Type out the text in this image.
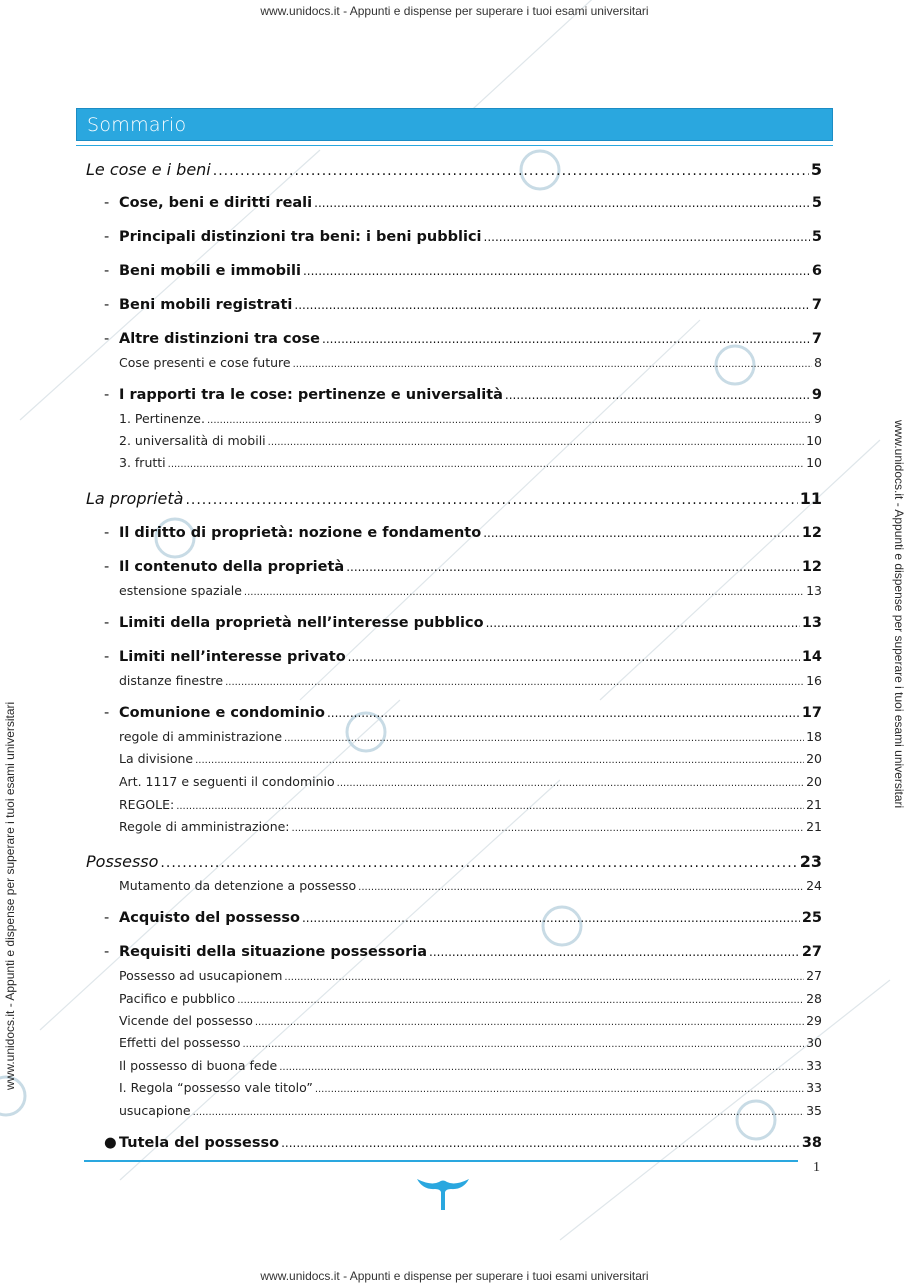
www.unidocs.it - Appunti e dispense per superare i tuoi esami universitari
www.unidocs.it - Appunti e dispense per superare i tuoi esami universitari
www.unidocs.it - Appunti e dispense per superare i tuoi esami universitari
www.unidocs.it - Appunti e dispense per superare i tuoi esami universitari
Sommario
Le cose e i beni .....	5
- Cose, beni e diritti reali .....	5
- Principali distinzioni tra beni: i beni pubblici .....	5
- Beni mobili e immobili .....	6
- Beni mobili registrati .....	7
- Altre distinzioni tra cose .....	7
Cose presenti e cose future .....	8
- I rapporti tra le cose: pertinenze e universalità .....	9
1. Pertinenze. .....	9
2. universalità di mobili .....	10
3. frutti .....	10
La proprietà .....	11
- Il diritto di proprietà: nozione e fondamento .....	12
- Il contenuto della proprietà .....	12
estensione spaziale .....	13
- Limiti della proprietà nell’interesse pubblico .....	13
- Limiti nell’interesse privato .....	14
distanze finestre .....	16
- Comunione e condominio .....	17
regole di amministrazione .....	18
La divisione .....	20
Art. 1117 e seguenti il condominio .....	20
REGOLE: .....	21
Regole di amministrazione: .....	21
Possesso .....	23
Mutamento da detenzione a possesso .....	24
- Acquisto del possesso .....	25
- Requisiti della situazione possessoria .....	27
Possesso ad usucapionem .....	27
Pacifico e pubblico .....	28
Vicende del possesso .....	29
Effetti del possesso .....	30
Il possesso di buona fede .....	33
I. Regola “possesso vale titolo” .....	33
usucapione .....	35
● Tutela del possesso .....	38
1
